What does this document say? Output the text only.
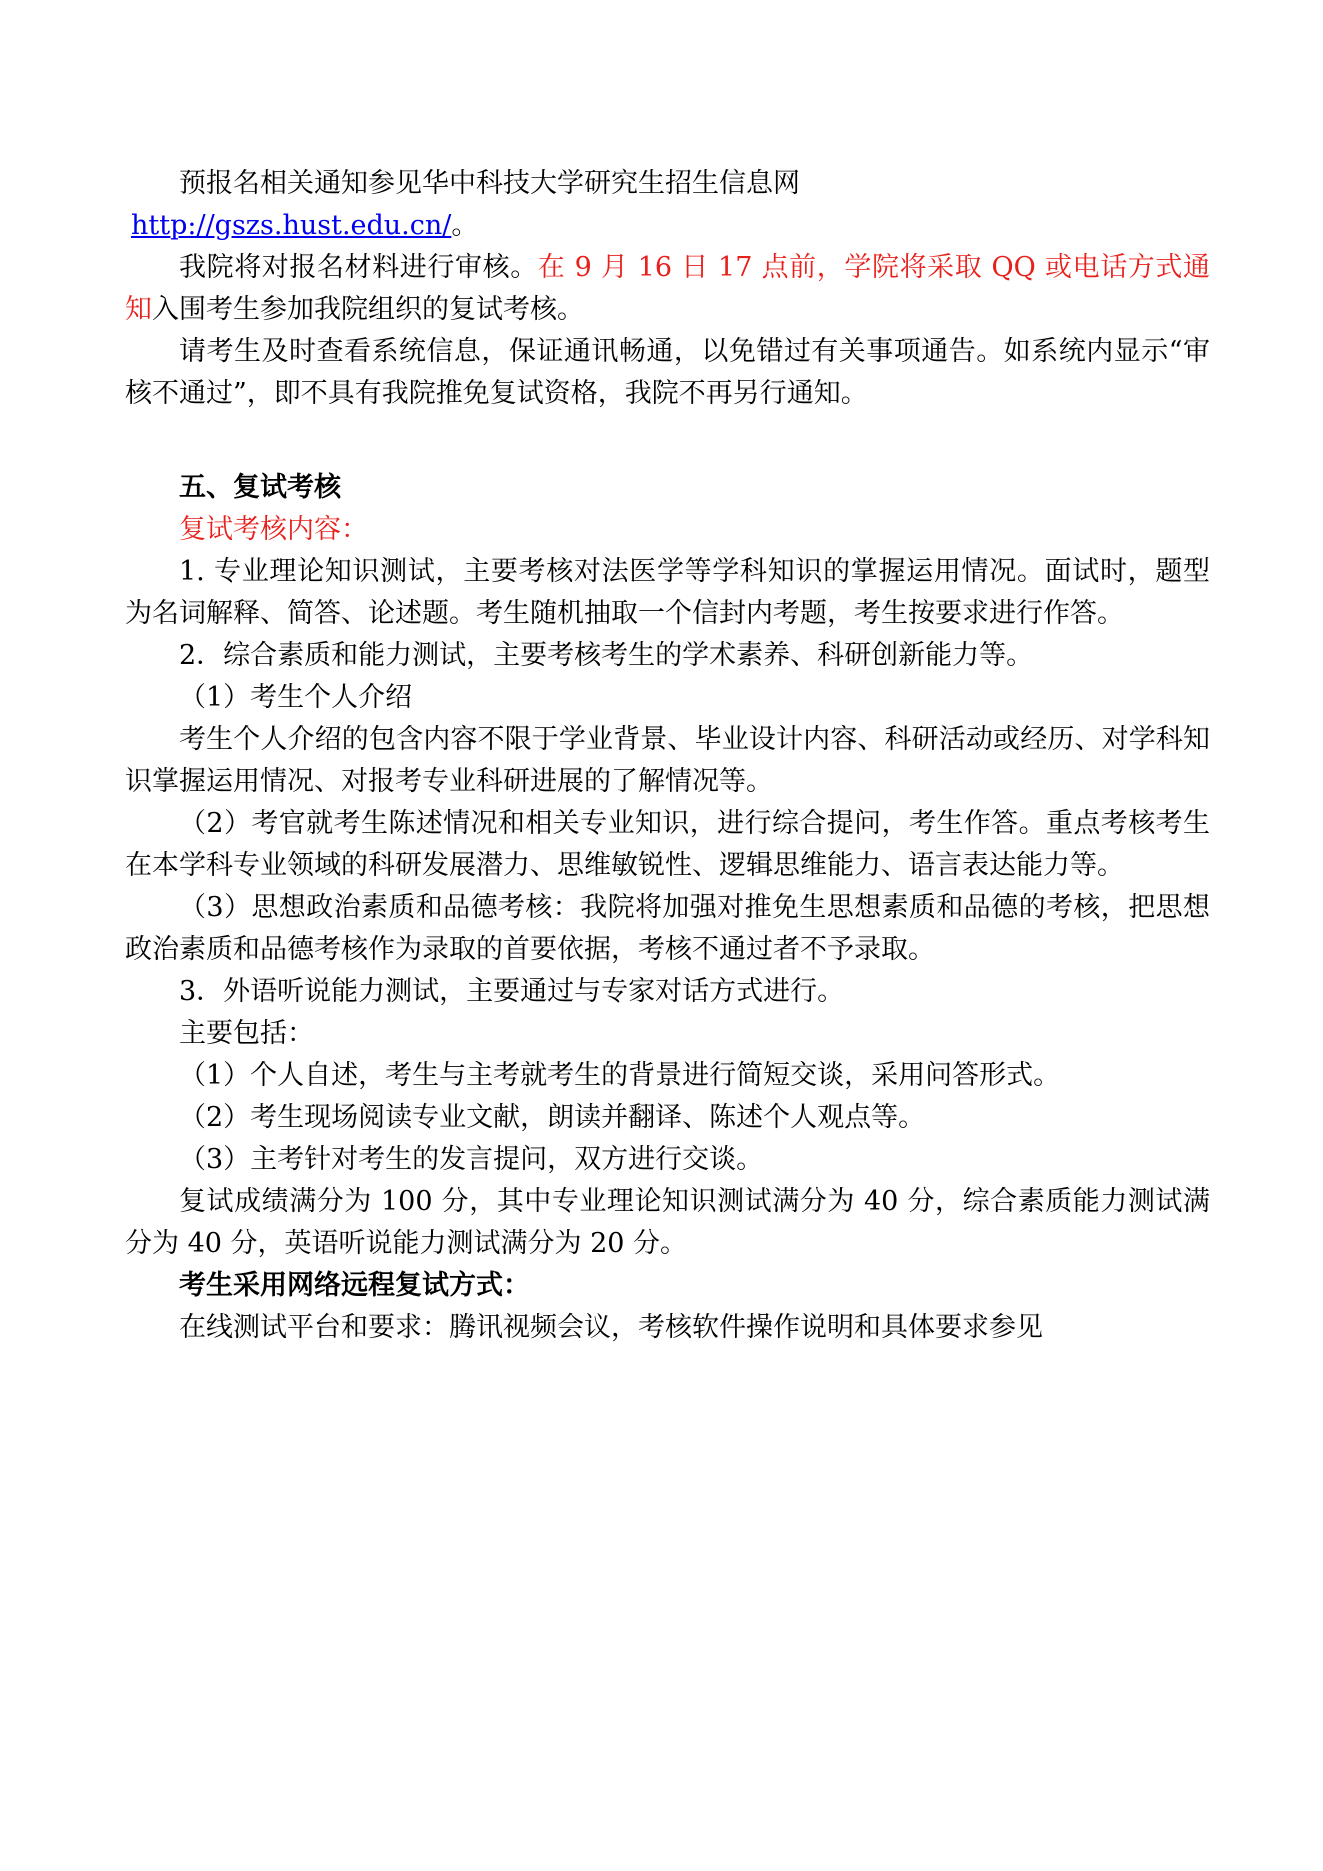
预报名相关通知参见华中科技大学研究生招生信息网

http://gszs.hust.edu.cn/。

我院将对报名材料进行审核。在 9 月 16 日 17 点前，学院将采取 QQ 或电话方式通知入围考生参加我院组织的复试考核。

请考生及时查看系统信息，保证通讯畅通，以免错过有关事项通告。如系统内显示“审核不通过”，即不具有我院推免复试资格，我院不再另行通知。

五、复试考核

复试考核内容：

1. 专业理论知识测试，主要考核对法医学等学科知识的掌握运用情况。面试时，题型为名词解释、简答、论述题。考生随机抽取一个信封内考题，考生按要求进行作答。

2．综合素质和能力测试，主要考核考生的学术素养、科研创新能力等。

（1）考生个人介绍

考生个人介绍的包含内容不限于学业背景、毕业设计内容、科研活动或经历、对学科知识掌握运用情况、对报考专业科研进展的了解情况等。

（2）考官就考生陈述情况和相关专业知识，进行综合提问，考生作答。重点考核考生在本学科专业领域的科研发展潜力、思维敏锐性、逻辑思维能力、语言表达能力等。

（3）思想政治素质和品德考核：我院将加强对推免生思想素质和品德的考核，把思想政治素质和品德考核作为录取的首要依据，考核不通过者不予录取。

3．外语听说能力测试，主要通过与专家对话方式进行。

主要包括：

（1）个人自述，考生与主考就考生的背景进行简短交谈，采用问答形式。

（2）考生现场阅读专业文献，朗读并翻译、陈述个人观点等。

（3）主考针对考生的发言提问，双方进行交谈。

复试成绩满分为 100 分，其中专业理论知识测试满分为 40 分，综合素质能力测试满分为 40 分，英语听说能力测试满分为 20 分。

考生采用网络远程复试方式：

在线测试平台和要求：腾讯视频会议，考核软件操作说明和具体要求参见
